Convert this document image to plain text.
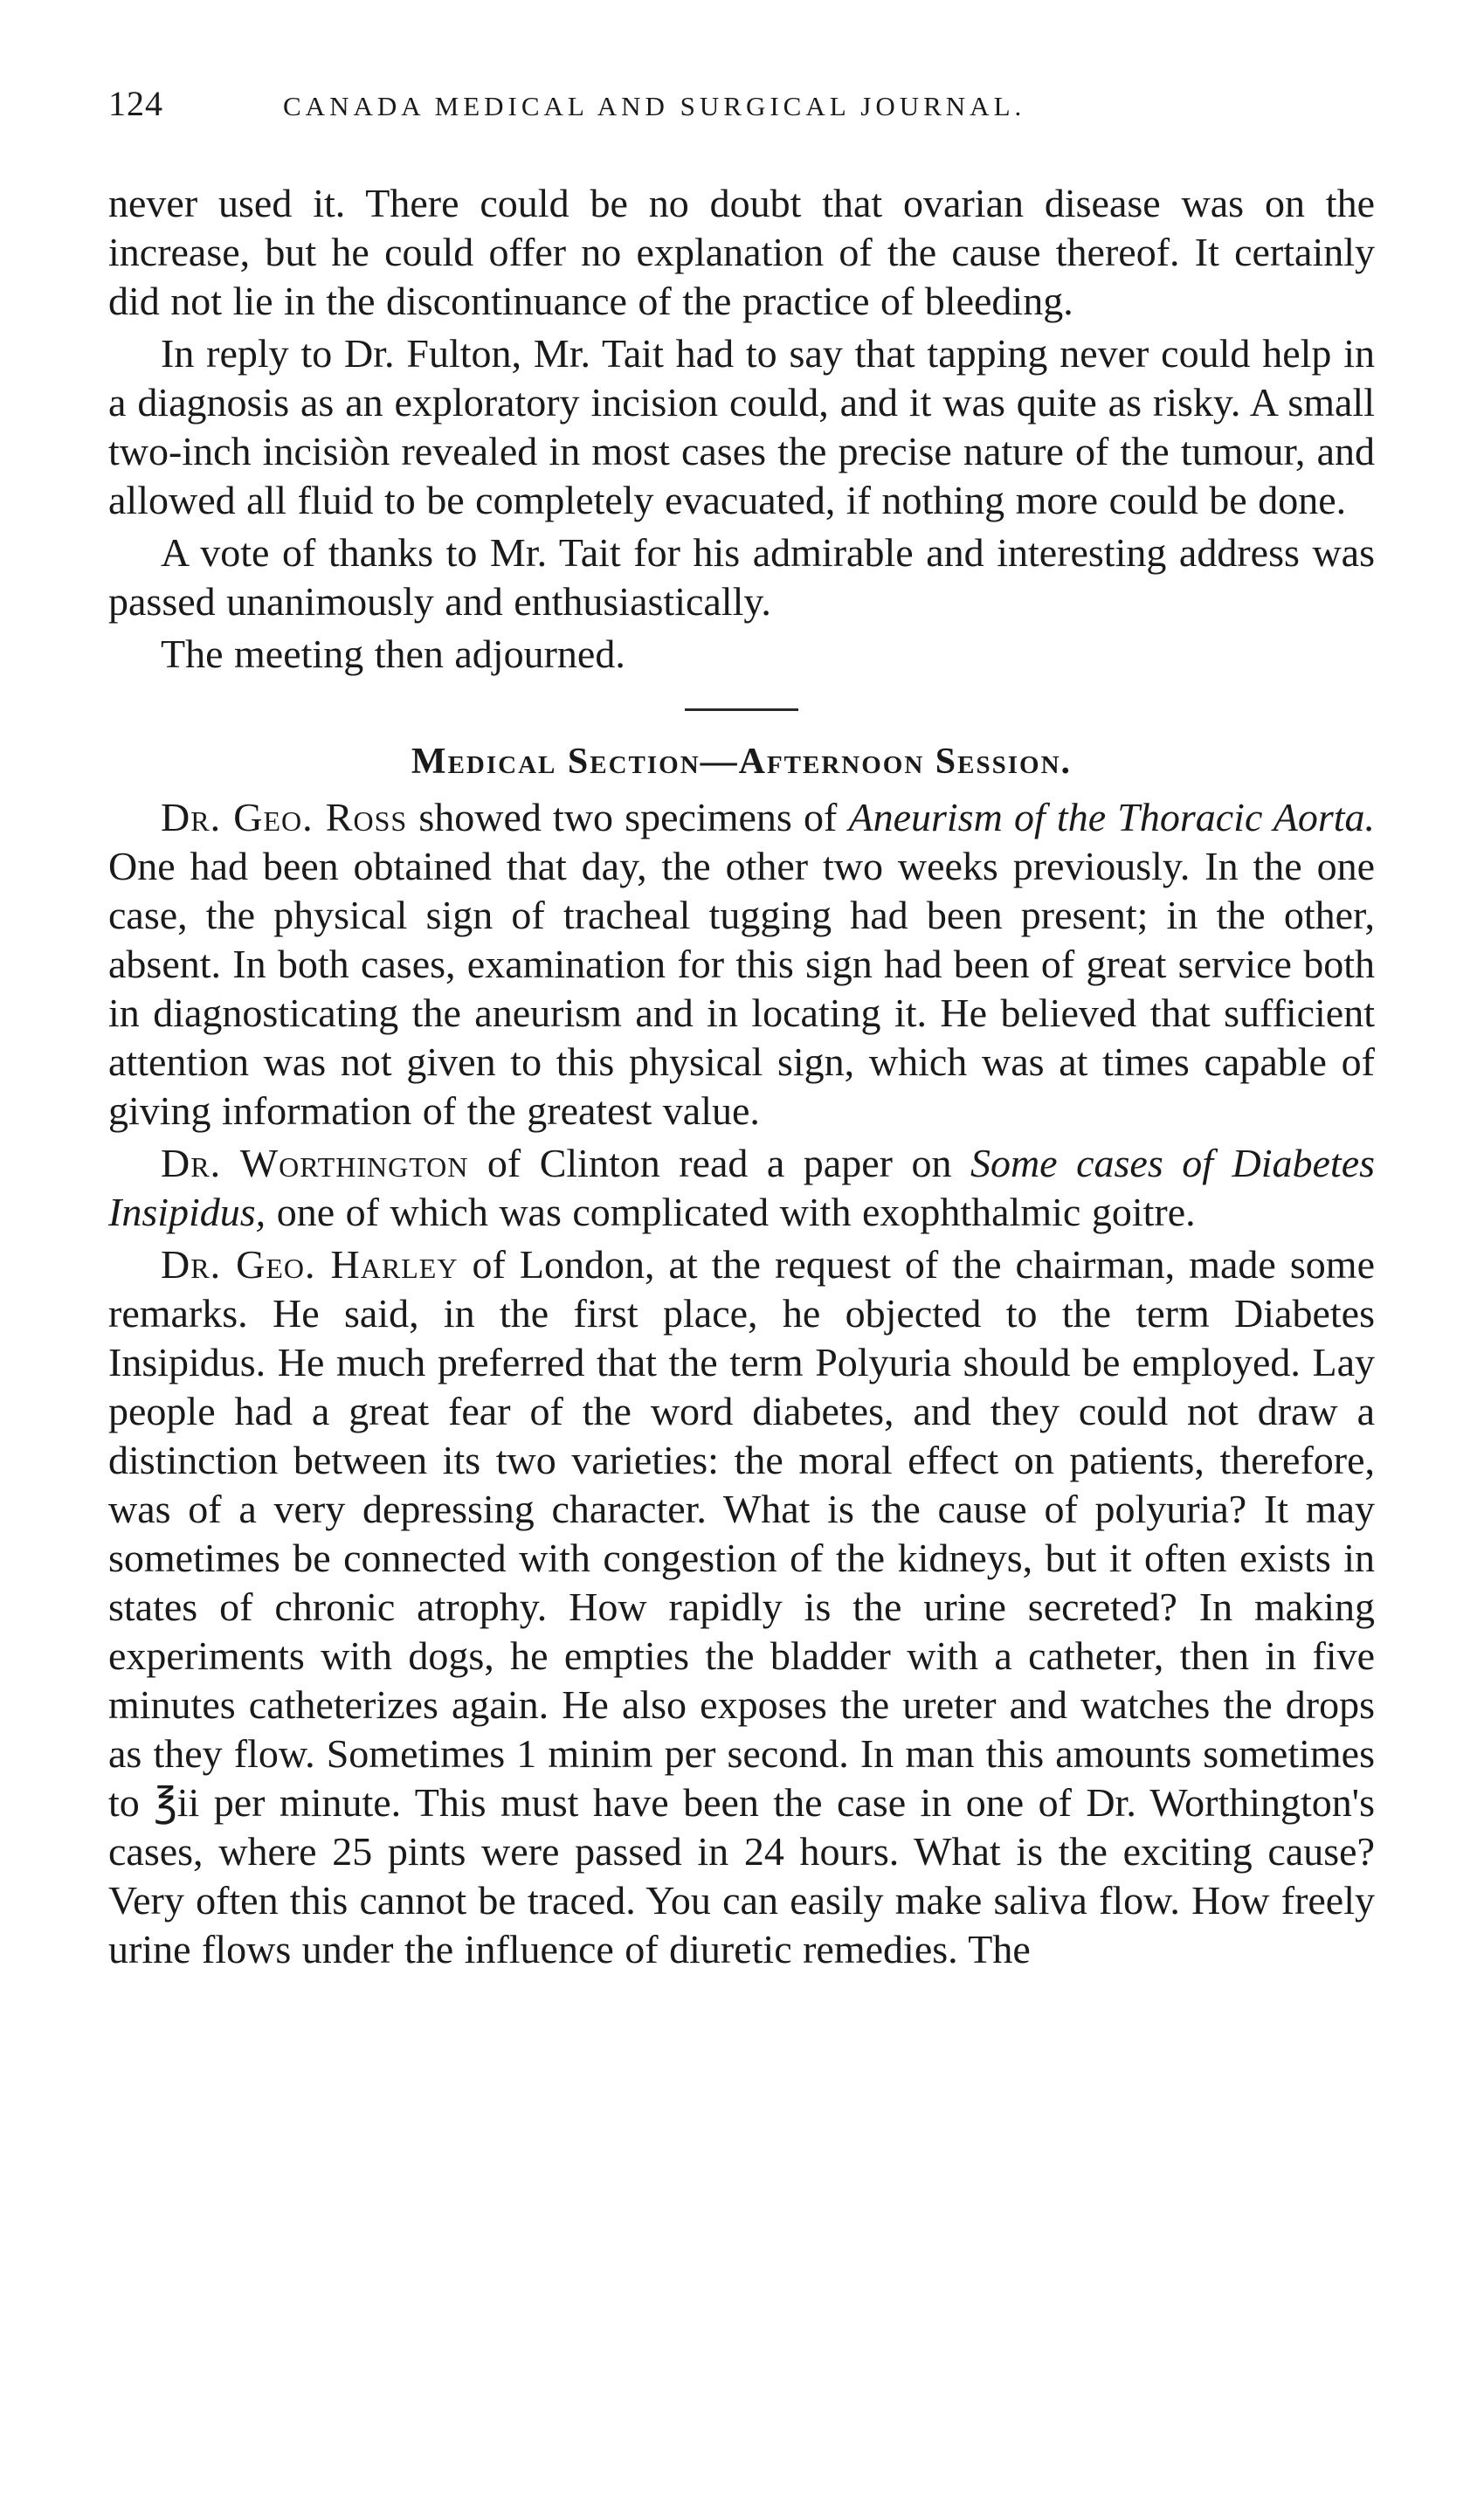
124	CANADA MEDICAL AND SURGICAL JOURNAL.

never used it. There could be no doubt that ovarian disease was on the increase, but he could offer no explanation of the cause thereof. It certainly did not lie in the discontinuance of the practice of bleeding.

In reply to Dr. Fulton, Mr. Tait had to say that tapping never could help in a diagnosis as an exploratory incision could, and it was quite as risky. A small two-inch incisiòn revealed in most cases the precise nature of the tumour, and allowed all fluid to be completely evacuated, if nothing more could be done.

A vote of thanks to Mr. Tait for his admirable and interesting address was passed unanimously and enthusiastically.

The meeting then adjourned.

Medical Section—Afternoon Session.

Dr. Geo. Ross showed two specimens of Aneurism of the Thoracic Aorta. One had been obtained that day, the other two weeks previously. In the one case, the physical sign of tracheal tugging had been present; in the other, absent. In both cases, examination for this sign had been of great service both in diagnosticating the aneurism and in locating it. He believed that sufficient attention was not given to this physical sign, which was at times capable of giving information of the greatest value.

Dr. Worthington of Clinton read a paper on Some cases of Diabetes Insipidus, one of which was complicated with exophthalmic goitre.

Dr. Geo. Harley of London, at the request of the chairman, made some remarks. He said, in the first place, he objected to the term Diabetes Insipidus. He much preferred that the term Polyuria should be employed. Lay people had a great fear of the word diabetes, and they could not draw a distinction between its two varieties: the moral effect on patients, therefore, was of a very depressing character. What is the cause of polyuria? It may sometimes be connected with congestion of the kidneys, but it often exists in states of chronic atrophy. How rapidly is the urine secreted? In making experiments with dogs, he empties the bladder with a catheter, then in five minutes catheterizes again. He also exposes the ureter and watches the drops as they flow. Sometimes 1 minim per second. In man this amounts sometimes to ℥ii per minute. This must have been the case in one of Dr. Worthington's cases, where 25 pints were passed in 24 hours. What is the exciting cause? Very often this cannot be traced. You can easily make saliva flow. How freely urine flows under the influence of diuretic remedies. The
